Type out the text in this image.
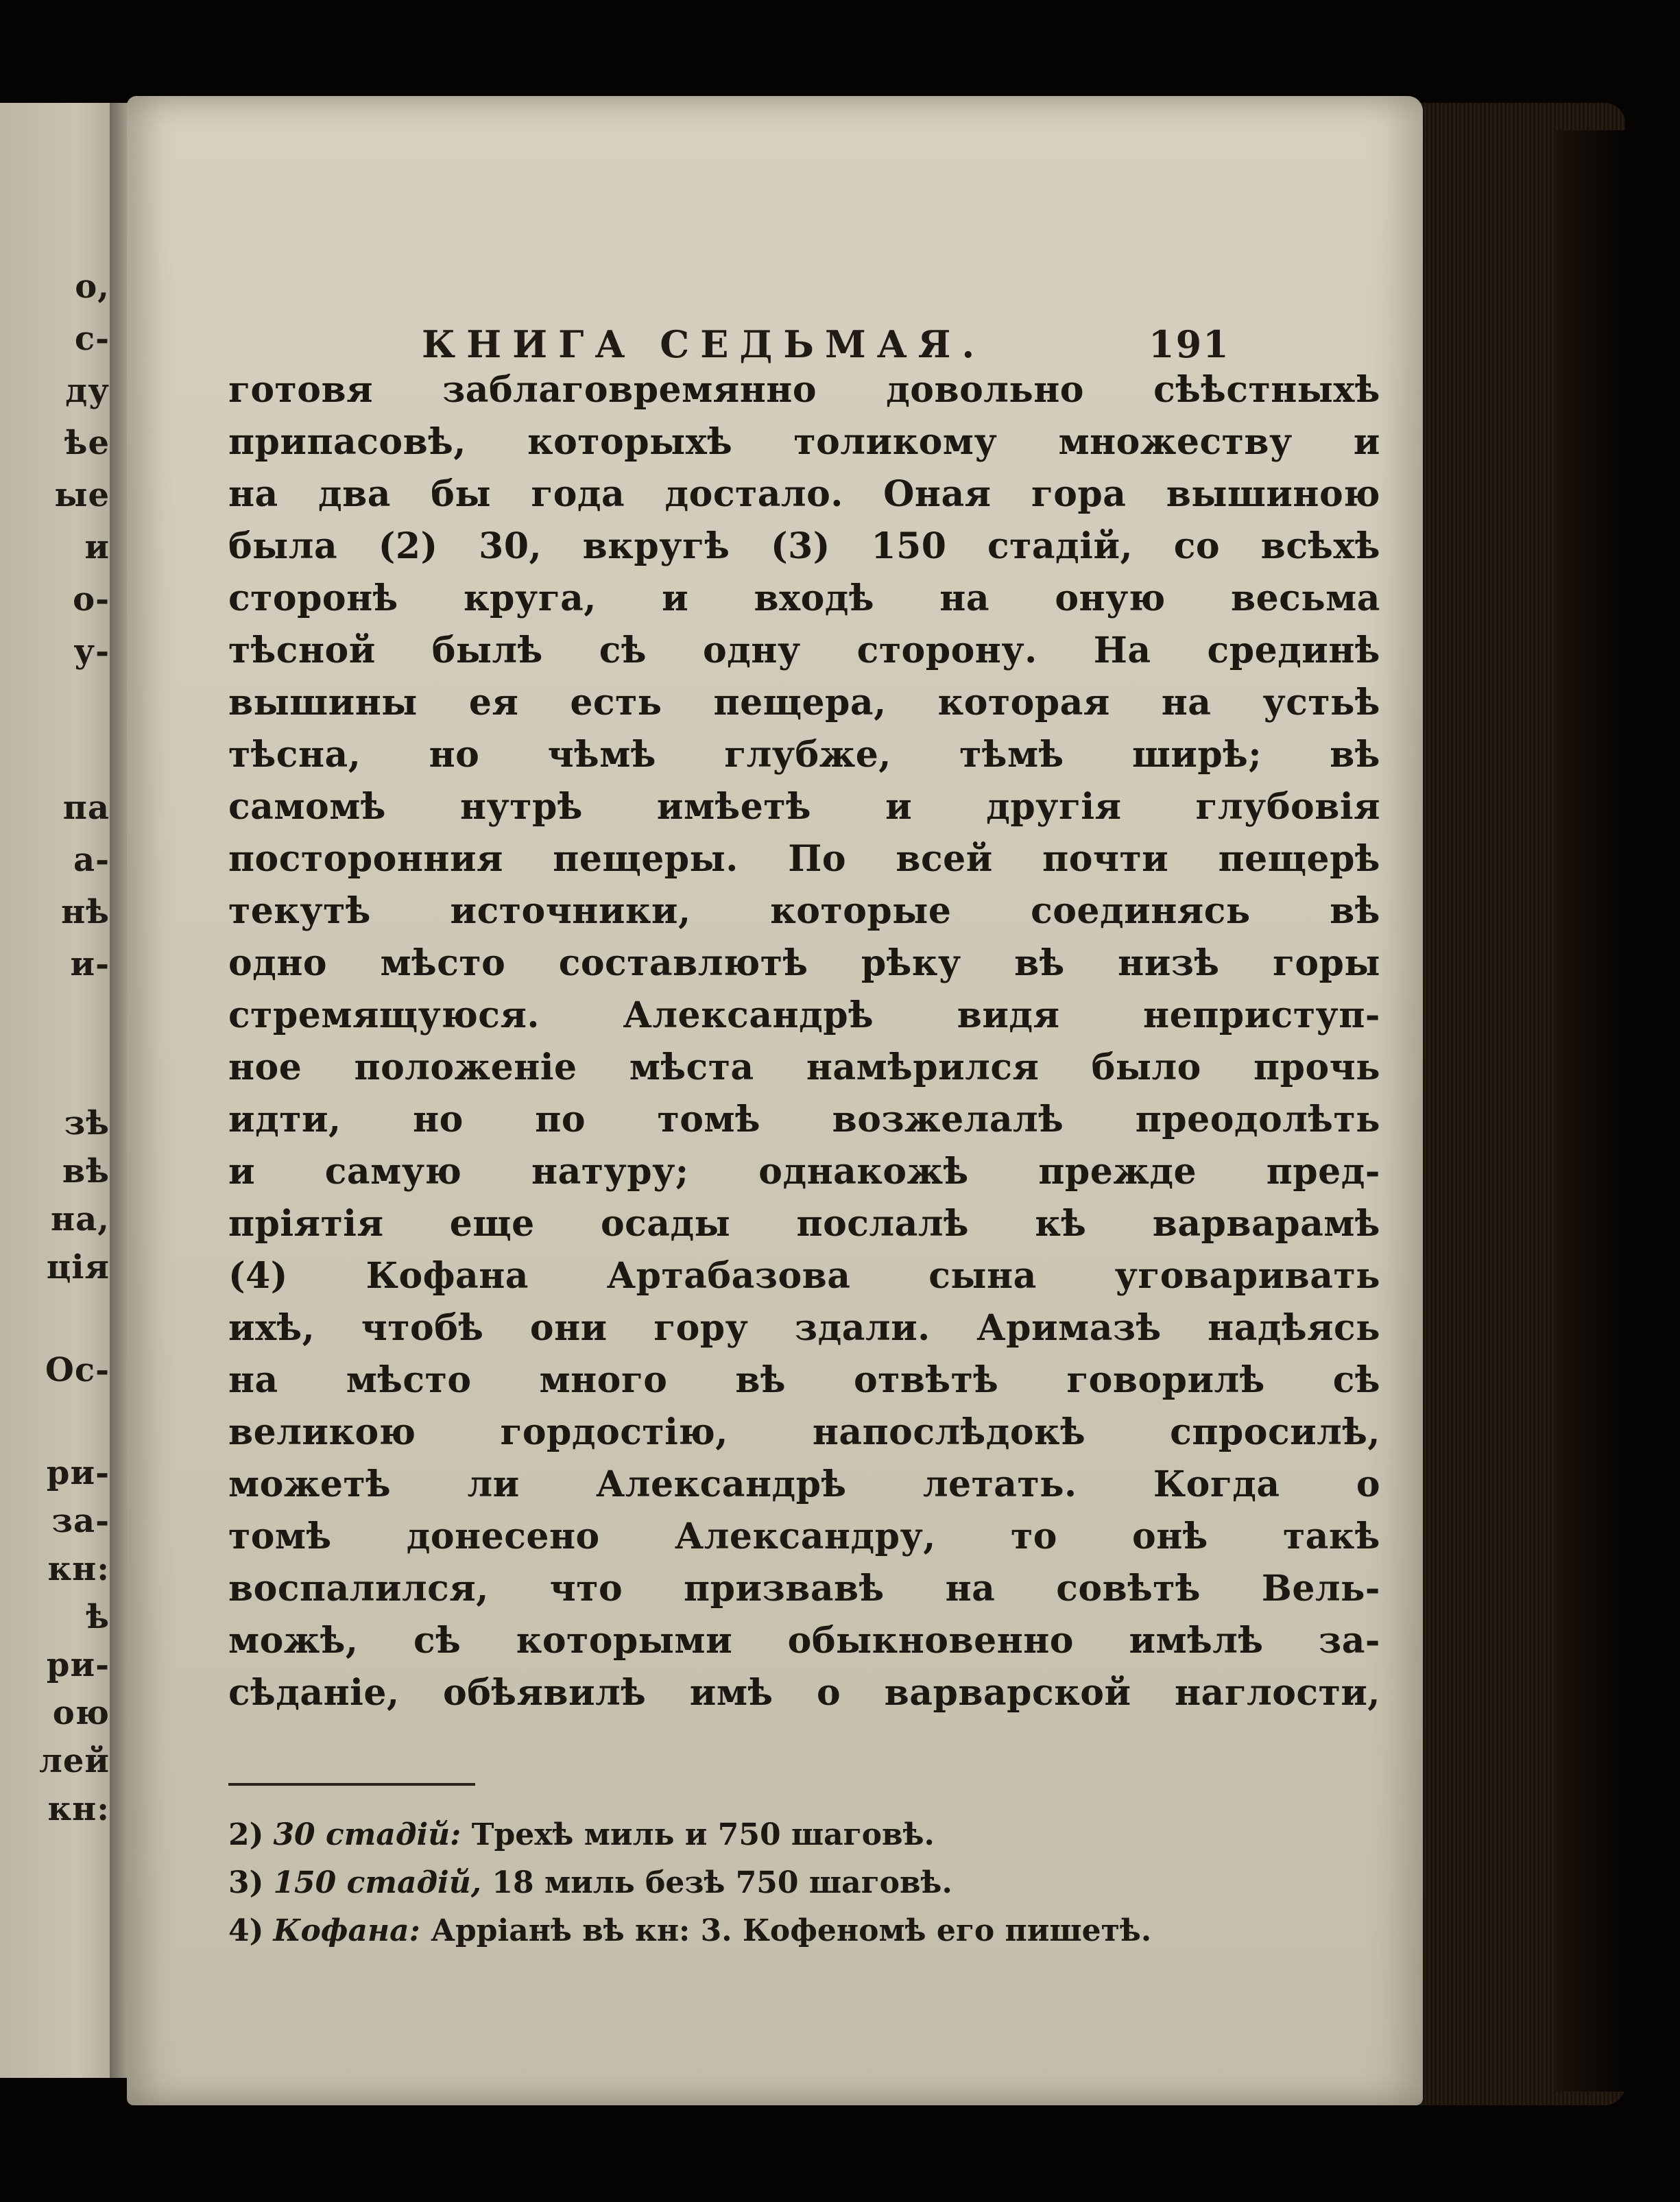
о,
с-
ду
ѣе
ые
и
о-
у-
па
а-
нѣ
и-
зѣ
вѣ
на,
ція
Ос-
ри-
за-
кн:
ѣ
ри-
ою
лей
кн:
КНИГА СЕДЬМАЯ.	191
готовя заблаговремянно довольно сѣѣстныхѣ
припасовѣ, которыхѣ толикому множеству и
на два бы года достало. Оная гора вышиною
была (2) 30, вкругѣ (3) 150 стадій, со всѣхѣ
сторонѣ круга, и входѣ на оную весьма
тѣсной былѣ сѣ одну сторону. На срединѣ
вышины ея есть пещера, которая на устьѣ
тѣсна, но чѣмѣ глубже, тѣмѣ ширѣ; вѣ
самомѣ нутрѣ имѣетѣ и другія глубовія
посторонния пещеры. По всей почти пещерѣ
текутѣ источники, которые соединясь вѣ
одно мѣсто составлютѣ рѣку вѣ низѣ горы
стремящуюся. Александрѣ видя неприступ-
ное положеніе мѣста намѣрился было прочь
идти, но по томѣ возжелалѣ преодолѣть
и самую натуру; однакожѣ прежде пред-
пріятія еще осады послалѣ кѣ варварамѣ
(4) Кофана Артабазова сына уговаривать
ихѣ, чтобѣ они гору здали. Аримазѣ надѣясь
на мѣсто много вѣ отвѣтѣ говорилѣ сѣ
великою гордостію, напослѣдокѣ спросилѣ,
можетѣ ли Александрѣ летать. Когда о
томѣ донесено Александру, то онѣ такѣ
воспалился, что призвавѣ на совѣтѣ Вель-
можѣ, сѣ которыми обыкновенно имѣлѣ за-
сѣданіе, обѣявилѣ имѣ о варварской наглости,
2) 30 стадій: Трехѣ миль и 750 шаговѣ.
3) 150 стадій, 18 миль безѣ 750 шаговѣ.
4) Кофана: Арріанѣ вѣ кн: 3. Кофеномѣ его пишетѣ.
